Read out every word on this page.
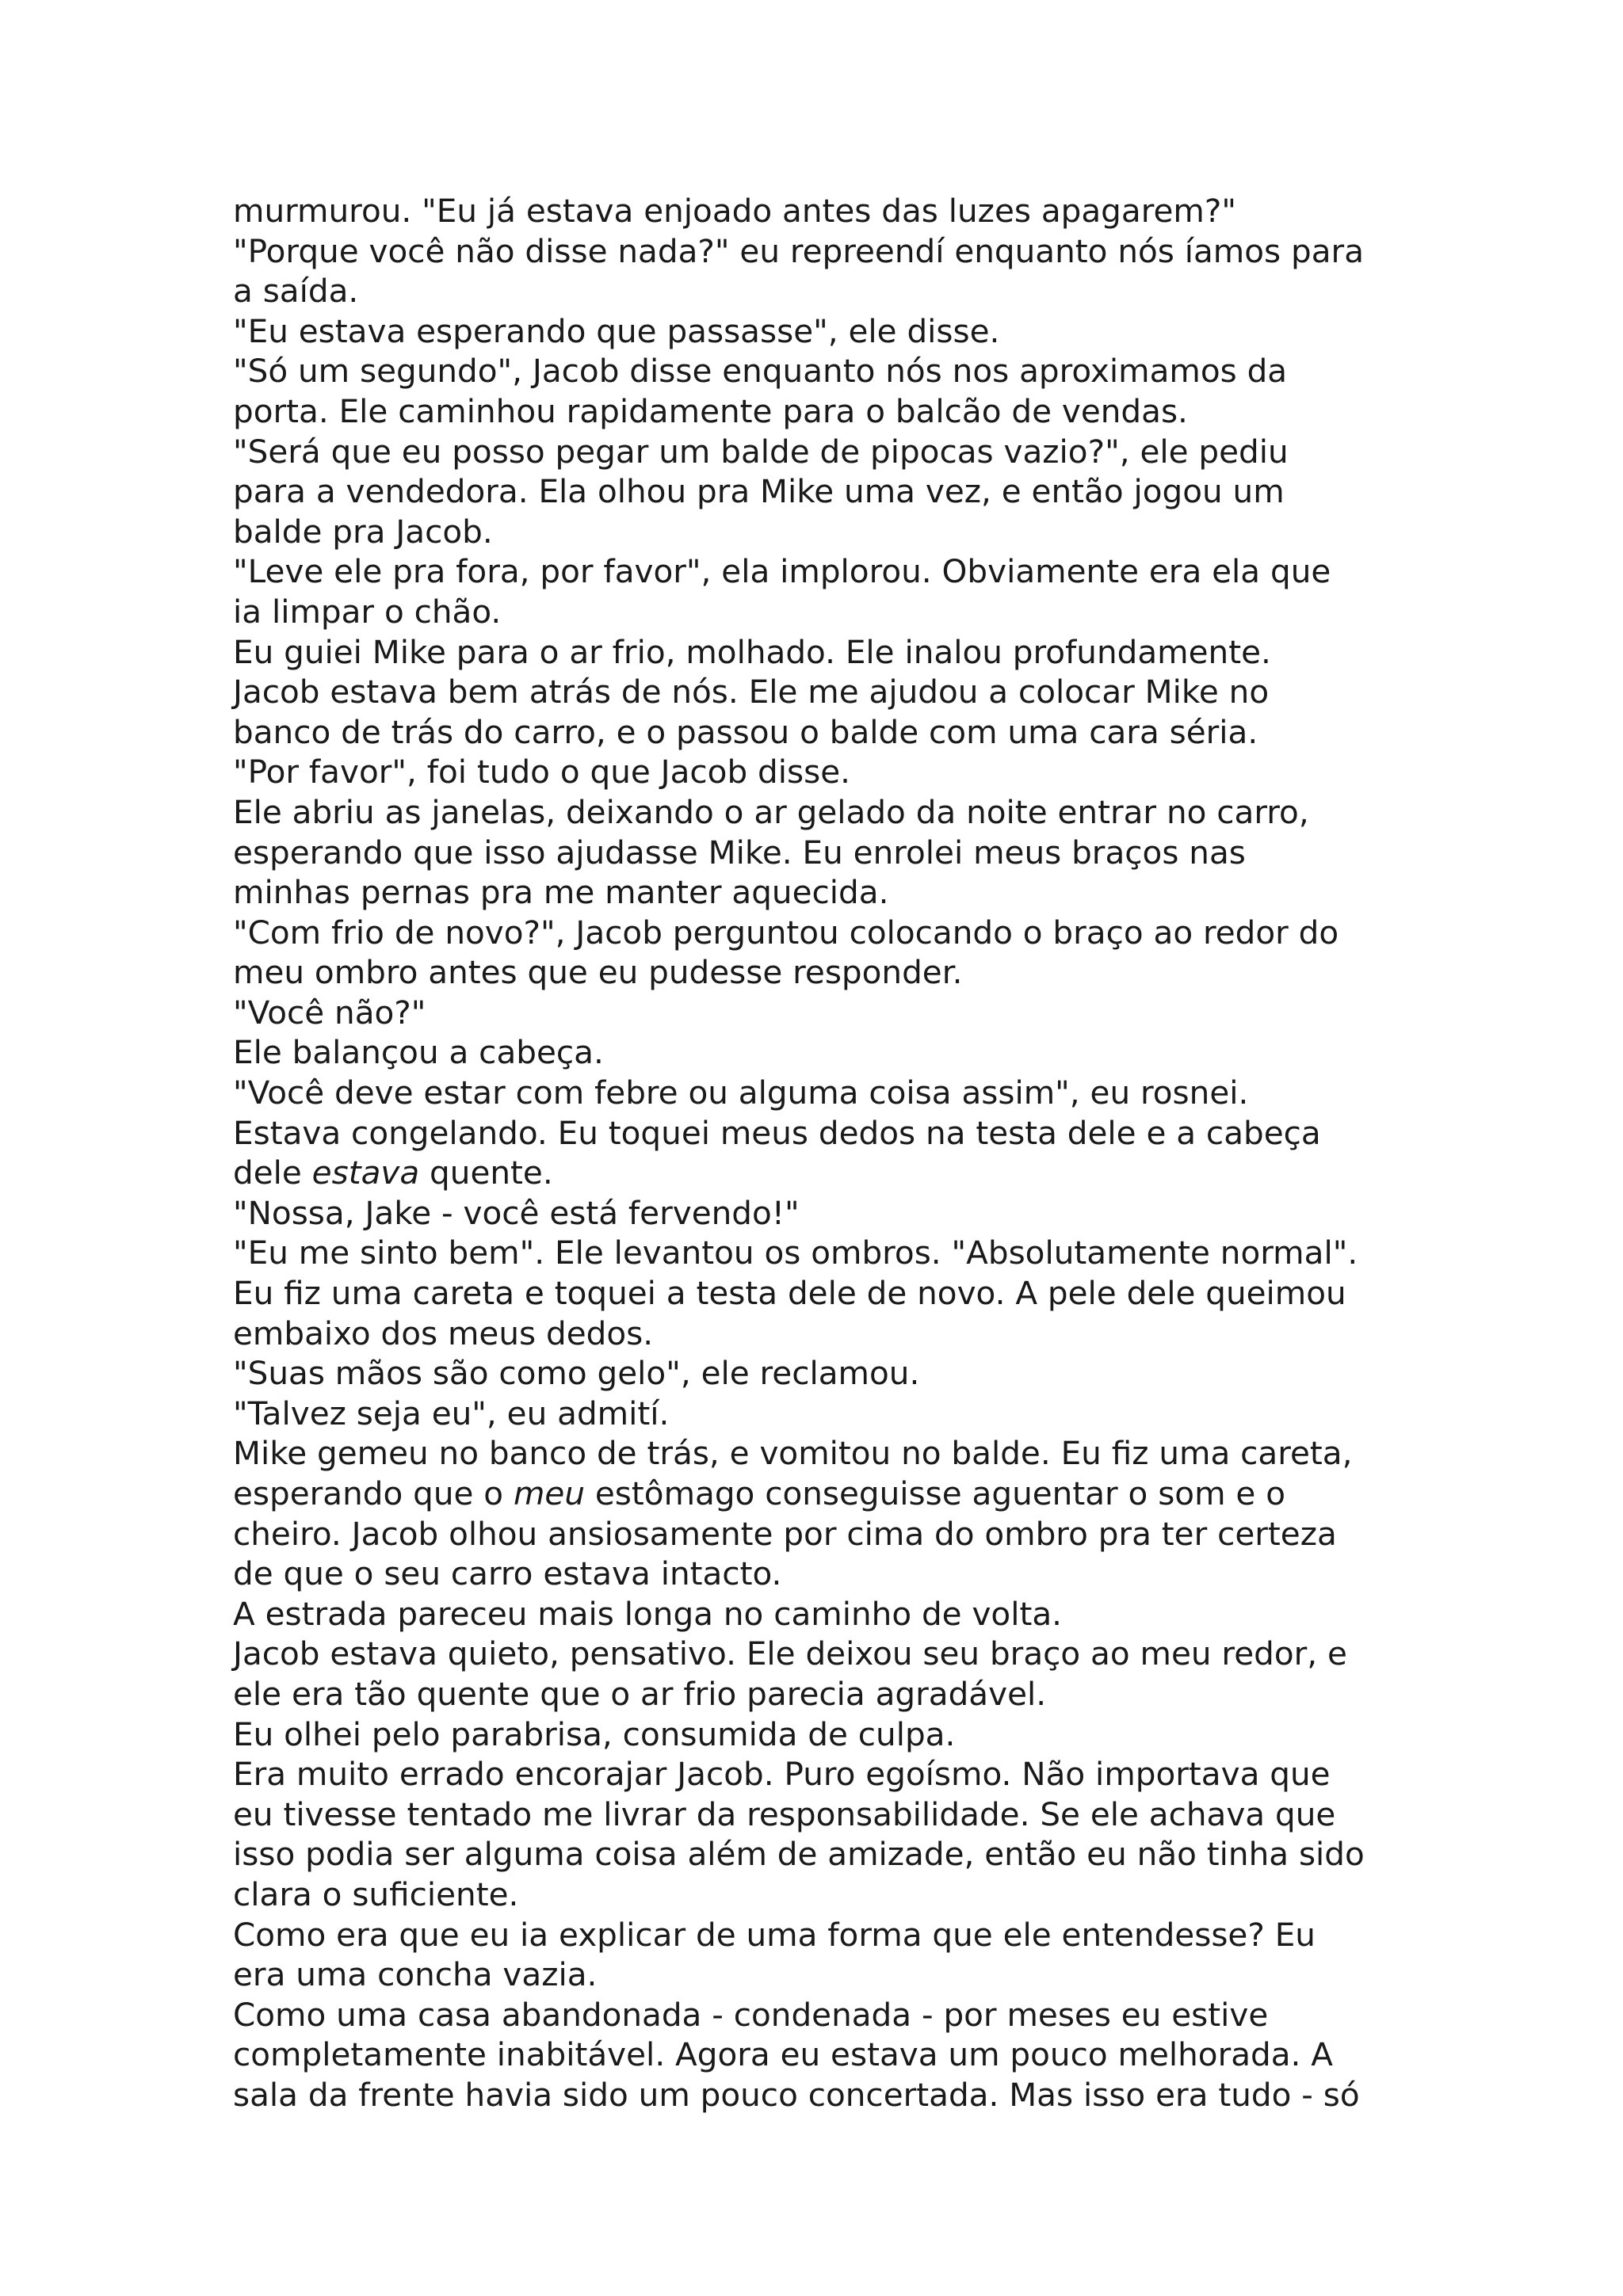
murmurou. "Eu já estava enjoado antes das luzes apagarem?"
"Porque você não disse nada?" eu repreendí enquanto nós íamos para
a saída.
"Eu estava esperando que passasse", ele disse.
"Só um segundo", Jacob disse enquanto nós nos aproximamos da
porta. Ele caminhou rapidamente para o balcão de vendas.
"Será que eu posso pegar um balde de pipocas vazio?", ele pediu
para a vendedora. Ela olhou pra Mike uma vez, e então jogou um
balde pra Jacob.
"Leve ele pra fora, por favor", ela implorou. Obviamente era ela que
ia limpar o chão.
Eu guiei Mike para o ar frio, molhado. Ele inalou profundamente.
Jacob estava bem atrás de nós. Ele me ajudou a colocar Mike no
banco de trás do carro, e o passou o balde com uma cara séria.
"Por favor", foi tudo o que Jacob disse.
Ele abriu as janelas, deixando o ar gelado da noite entrar no carro,
esperando que isso ajudasse Mike. Eu enrolei meus braços nas
minhas pernas pra me manter aquecida.
"Com frio de novo?", Jacob perguntou colocando o braço ao redor do
meu ombro antes que eu pudesse responder.
"Você não?"
Ele balançou a cabeça.
"Você deve estar com febre ou alguma coisa assim", eu rosnei.
Estava congelando. Eu toquei meus dedos na testa dele e a cabeça
dele estava quente.
"Nossa, Jake - você está fervendo!"
"Eu me sinto bem". Ele levantou os ombros. "Absolutamente normal".
Eu fiz uma careta e toquei a testa dele de novo. A pele dele queimou
embaixo dos meus dedos.
"Suas mãos são como gelo", ele reclamou.
"Talvez seja eu", eu admití.
Mike gemeu no banco de trás, e vomitou no balde. Eu fiz uma careta,
esperando que o meu estômago conseguisse aguentar o som e o
cheiro. Jacob olhou ansiosamente por cima do ombro pra ter certeza
de que o seu carro estava intacto.
A estrada pareceu mais longa no caminho de volta.
Jacob estava quieto, pensativo. Ele deixou seu braço ao meu redor, e
ele era tão quente que o ar frio parecia agradável.
Eu olhei pelo parabrisa, consumida de culpa.
Era muito errado encorajar Jacob. Puro egoísmo. Não importava que
eu tivesse tentado me livrar da responsabilidade. Se ele achava que
isso podia ser alguma coisa além de amizade, então eu não tinha sido
clara o suficiente.
Como era que eu ia explicar de uma forma que ele entendesse? Eu
era uma concha vazia.
Como uma casa abandonada - condenada - por meses eu estive
completamente inabitável. Agora eu estava um pouco melhorada. A
sala da frente havia sido um pouco concertada. Mas isso era tudo - só
